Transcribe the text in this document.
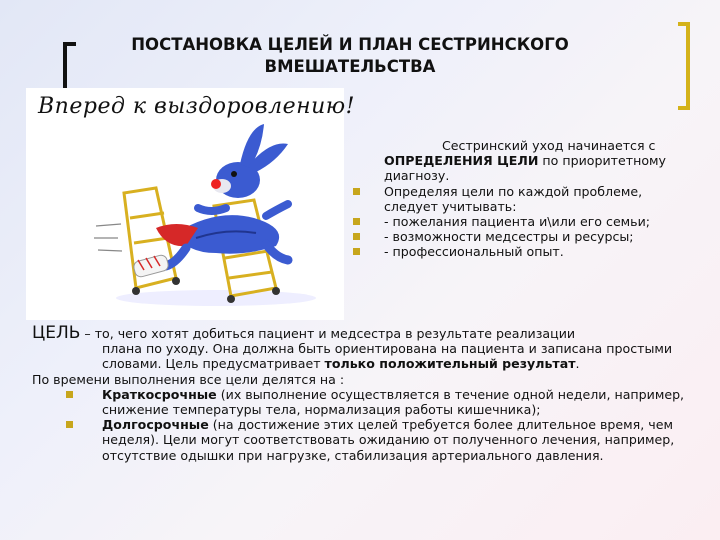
ПОСТАНОВКА ЦЕЛЕЙ И ПЛАН СЕСТРИНСКОГО
ВМЕШАТЕЛЬСТВА
Вперед к выздоровлению!
Сестринский уход начинается с
ОПРЕДЕЛЕНИЯ ЦЕЛИ по приоритетному диагнозу.
Определяя цели по каждой проблеме, следует учитывать:
- пожелания пациента и\или его семьи;
- возможности медсестры и ресурсы;
- профессиональный опыт.
ЦЕЛЬ – то, чего хотят добиться пациент и медсестра в результате реализации
плана по уходу. Она должна быть ориентирована на пациента и записана простыми словами. Цель предусматривает только положительный результат.
По времени выполнения все цели делятся на :
Краткосрочные (их выполнение осуществляется в течение одной недели, например, снижение температуры тела, нормализация работы кишечника);
Долгосрочные (на достижение этих целей требуется более длительное время, чем неделя). Цели могут соответствовать ожиданию от полученного лечения, например, отсутствие одышки при нагрузке, стабилизация артериального давления.
